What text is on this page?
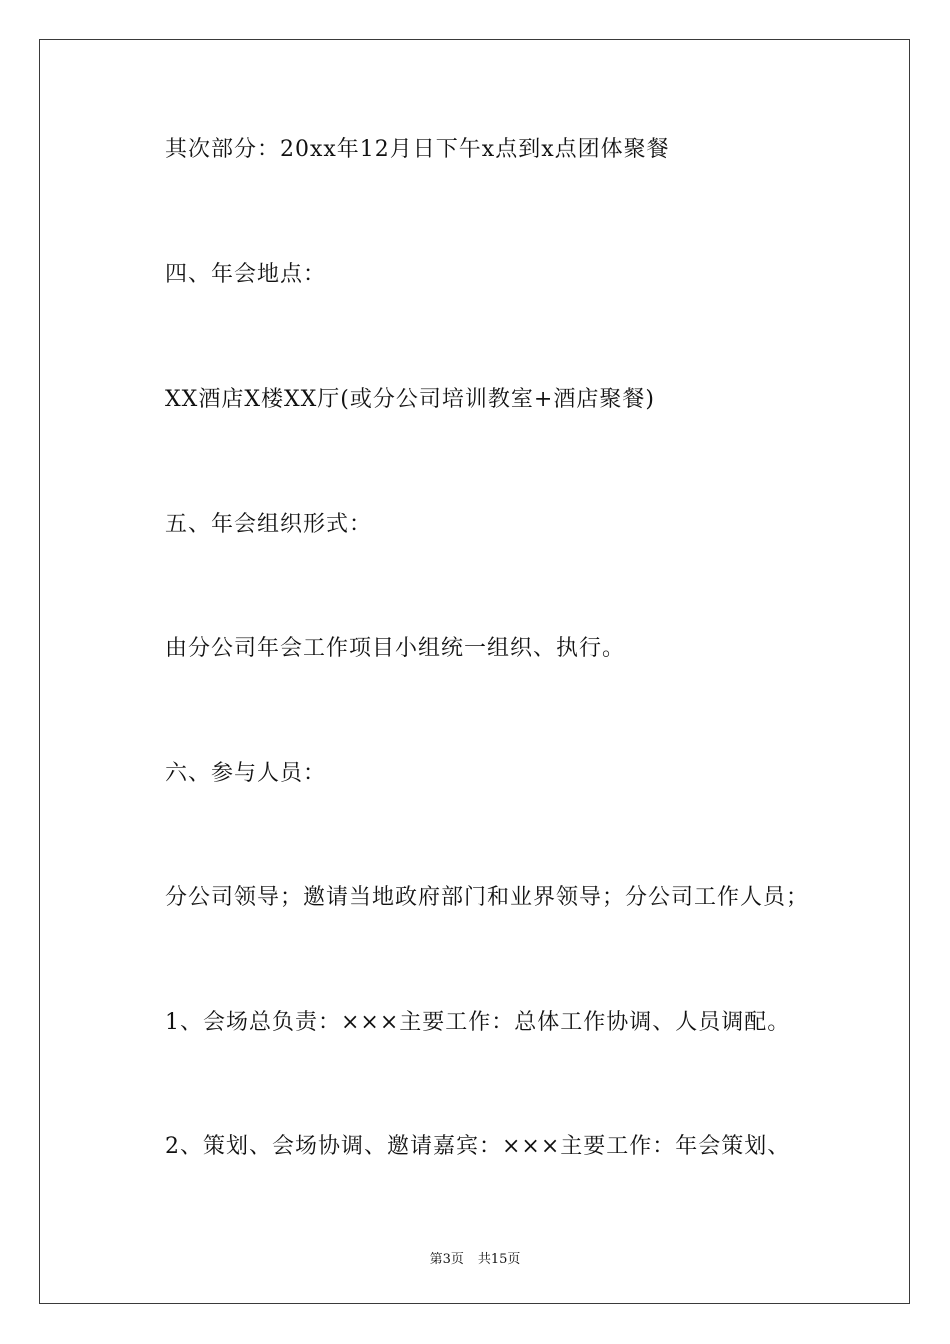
其次部分：20xx年12月日下午x点到x点团体聚餐

四、年会地点：

XX酒店X楼XX厅(或分公司培训教室+酒店聚餐)

五、年会组织形式：

由分公司年会工作项目小组统一组织、执行。

六、参与人员：

分公司领导；邀请当地政府部门和业界领导；分公司工作人员；

1、会场总负责：×××主要工作：总体工作协调、人员调配。

2、策划、会场协调、邀请嘉宾：×××主要工作：年会策划、

第3页 共15页
